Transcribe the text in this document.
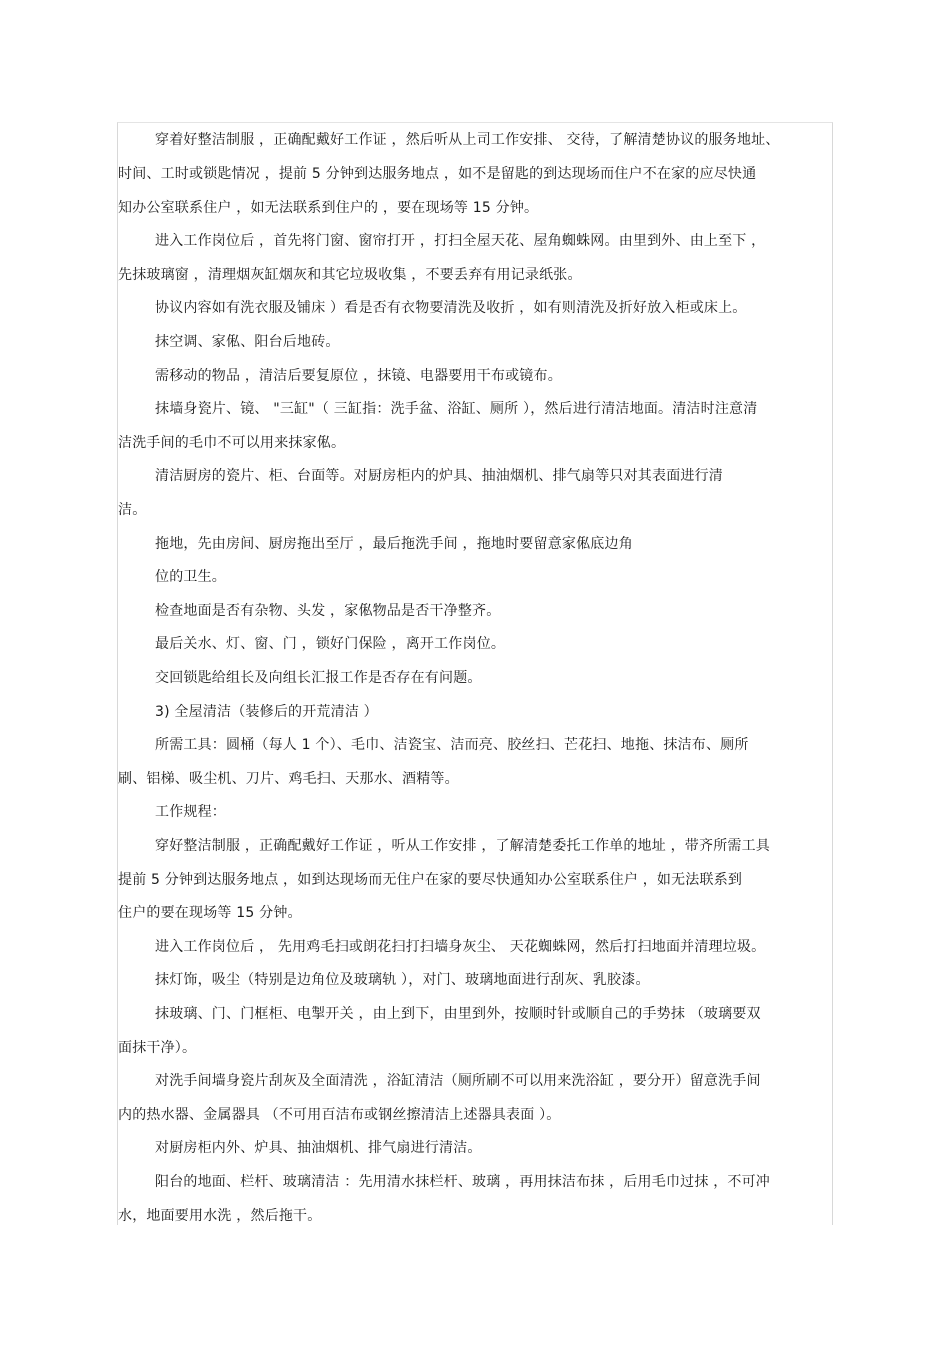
穿着好整洁制服 ，正确配戴好工作证 ，然后听从上司工作安排、 交待，了解清楚协议的服务地址、
时间、工时或锁匙情况 ，提前 5 分钟到达服务地点 ，如不是留匙的到达现场而住户不在家的应尽快通
知办公室联系住户 ，如无法联系到住户的 ，要在现场等 15 分钟。
进入工作岗位后 ，首先将门窗、窗帘打开 ，打扫全屋天花、屋角蜘蛛网。由里到外、由上至下 ，
先抹玻璃窗 ，清理烟灰缸烟灰和其它垃圾收集 ，不要丢弃有用记录纸张。
协议内容如有洗衣服及铺床 ）看是否有衣物要清洗及收折 ，如有则清洗及折好放入柜或床上。
抹空调、家俬、阳台后地砖。
需移动的物品 ，清洁后要复原位 ，抹镜、电器要用干布或镜布。
抹墙身瓷片、镜、 "三缸"（ 三缸指：洗手盆、浴缸、厕所 ），然后进行清洁地面。清洁时注意清
洁洗手间的毛巾不可以用来抹家俬。
清洁厨房的瓷片、柜、台面等。对厨房柜内的炉具、抽油烟机、排气扇等只对其表面进行清
洁。
拖地，先由房间、厨房拖出至厅 ，最后拖洗手间 ，拖地时要留意家俬底边角
位的卫生。
检查地面是否有杂物、头发 ，家俬物品是否干净整齐。
最后关水、灯、窗、门 ，锁好门保险 ，离开工作岗位。
交回锁匙给组长及向组长汇报工作是否存在有问题。
3) 全屋清洁（装修后的开荒清洁 ）
所需工具：圆桶（每人 1 个）、毛巾、洁瓷宝、洁而亮、胶丝扫、芒花扫、地拖、抹洁布、厕所
刷、铝梯、吸尘机、刀片、鸡毛扫、天那水、酒精等。
工作规程：
穿好整洁制服 ，正确配戴好工作证 ，听从工作安排 ，了解清楚委托工作单的地址 ，带齐所需工具
提前 5 分钟到达服务地点 ，如到达现场而无住户在家的要尽快通知办公室联系住户 ，如无法联系到
住户的要在现场等 15 分钟。
进入工作岗位后 ， 先用鸡毛扫或朗花扫打扫墙身灰尘、 天花蜘蛛网，然后打扫地面并清理垃圾。
抹灯饰，吸尘（特别是边角位及玻璃轨 ），对门、玻璃地面进行刮灰、乳胶漆。
抹玻璃、门、门框柜、电掣开关 ，由上到下，由里到外，按顺时针或顺自己的手势抹 （玻璃要双
面抹干净）。
对洗手间墙身瓷片刮灰及全面清洗 ，浴缸清洁（厕所刷不可以用来洗浴缸 ，要分开）留意洗手间
内的热水器、金属器具 （不可用百洁布或钢丝擦清洁上述器具表面 ）。
对厨房柜内外、炉具、抽油烟机、排气扇进行清洁。
阳台的地面、栏杆、玻璃清洁 ：先用清水抹栏杆、玻璃 ，再用抹洁布抹 ，后用毛巾过抹 ，不可冲
水，地面要用水洗 ，然后拖干。
